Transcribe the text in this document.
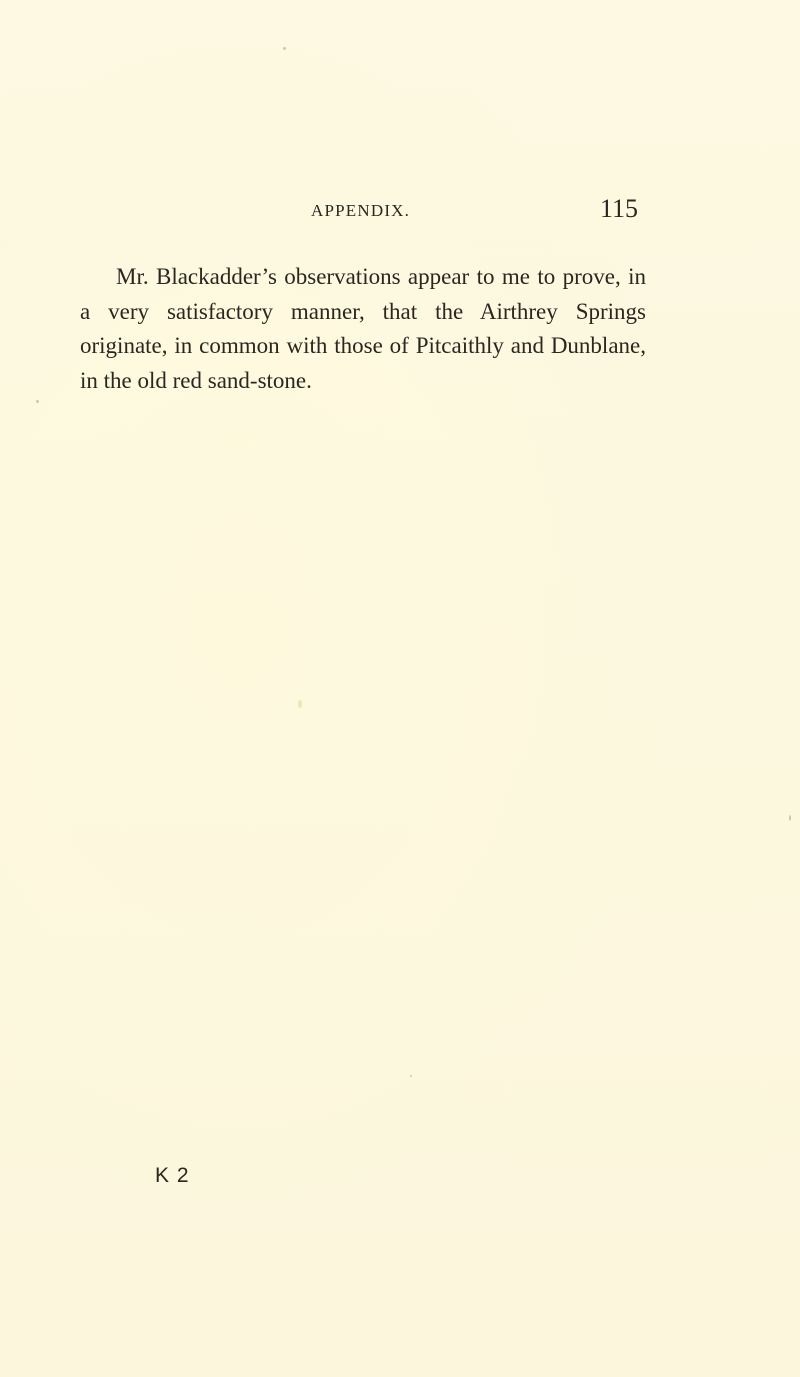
APPENDIX.	115

Mr. Blackadder’s observations appear to me to prove, in a very satisfactory manner, that the Airthrey Springs originate, in common with those of Pitcaithly and Dunblane, in the old red sand-stone.

K 2
